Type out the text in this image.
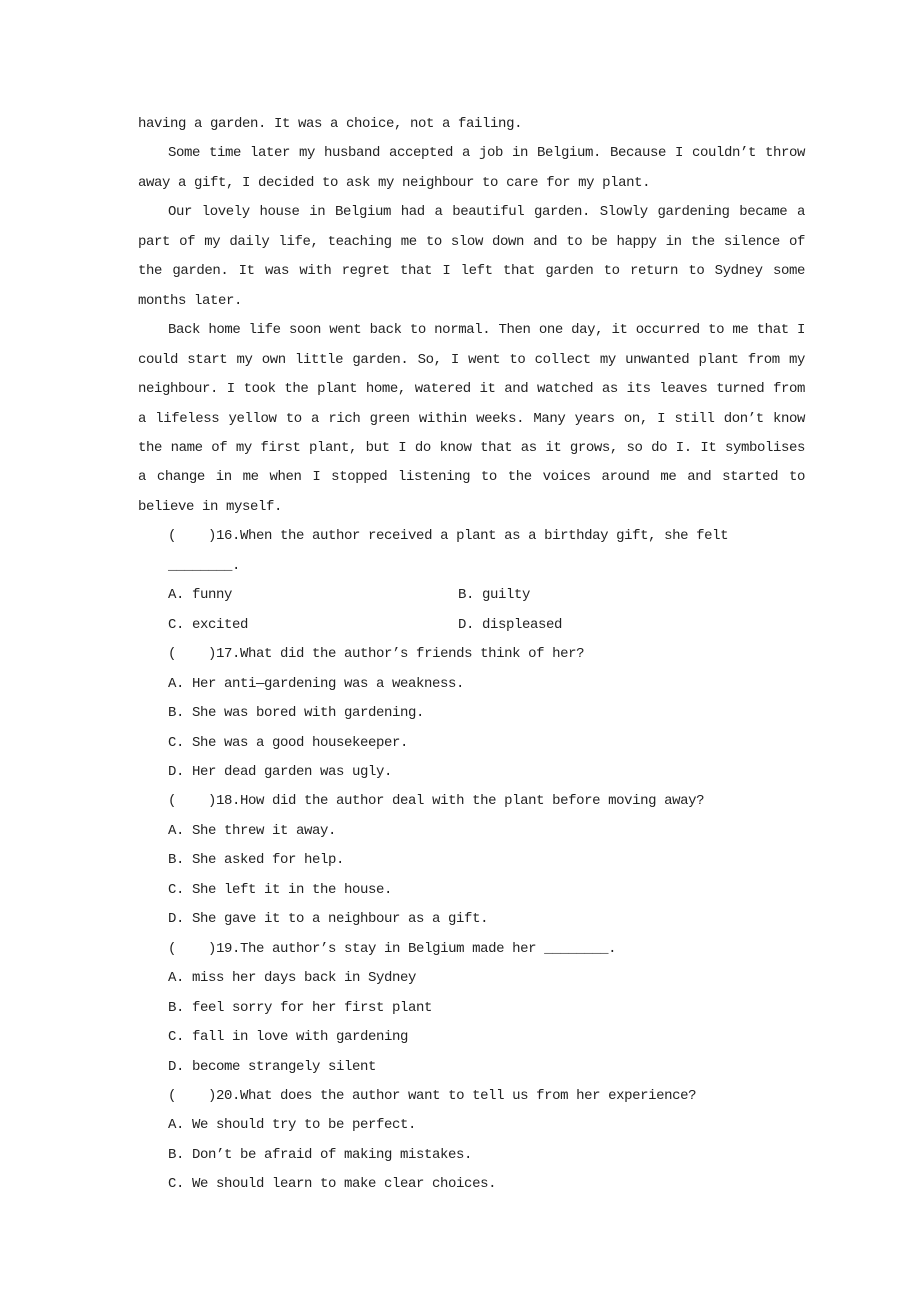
having a garden. It was a choice, not a failing.

Some time later my husband accepted a job in Belgium. Because I couldn’t throw away a gift, I decided to ask my neighbour to care for my plant.

Our lovely house in Belgium had a beautiful garden. Slowly gardening became a part of my daily life, teaching me to slow down and to be happy in the silence of the garden. It was with regret that I left that garden to return to Sydney some months later.

Back home life soon went back to normal. Then one day, it occurred to me that I could start my own little garden. So, I went to collect my unwanted plant from my neighbour. I took the plant home, watered it and watched as its leaves turned from a lifeless yellow to a rich green within weeks. Many years on, I still don’t know the name of my first plant, but I do know that as it grows, so do I. It symbolises a change in me when I stopped listening to the voices around me and started to believe in myself.

(    )16.When the author received a plant as a birthday gift, she felt ________.

A. funny	B. guilty

C. excited	D. displeased

(    )17.What did the author’s friends think of her?

A. Her anti—gardening was a weakness.

B. She was bored with gardening.

C. She was a good housekeeper.

D. Her dead garden was ugly.

(    )18.How did the author deal with the plant before moving away?

A. She threw it away.

B. She asked for help.

C. She left it in the house.

D. She gave it to a neighbour as a gift.

(    )19.The author’s stay in Belgium made her ________.

A. miss her days back in Sydney

B. feel sorry for her first plant

C. fall in love with gardening

D. become strangely silent

(    )20.What does the author want to tell us from her experience?

A. We should try to be perfect.

B. Don’t be afraid of making mistakes.

C. We should learn to make clear choices.
